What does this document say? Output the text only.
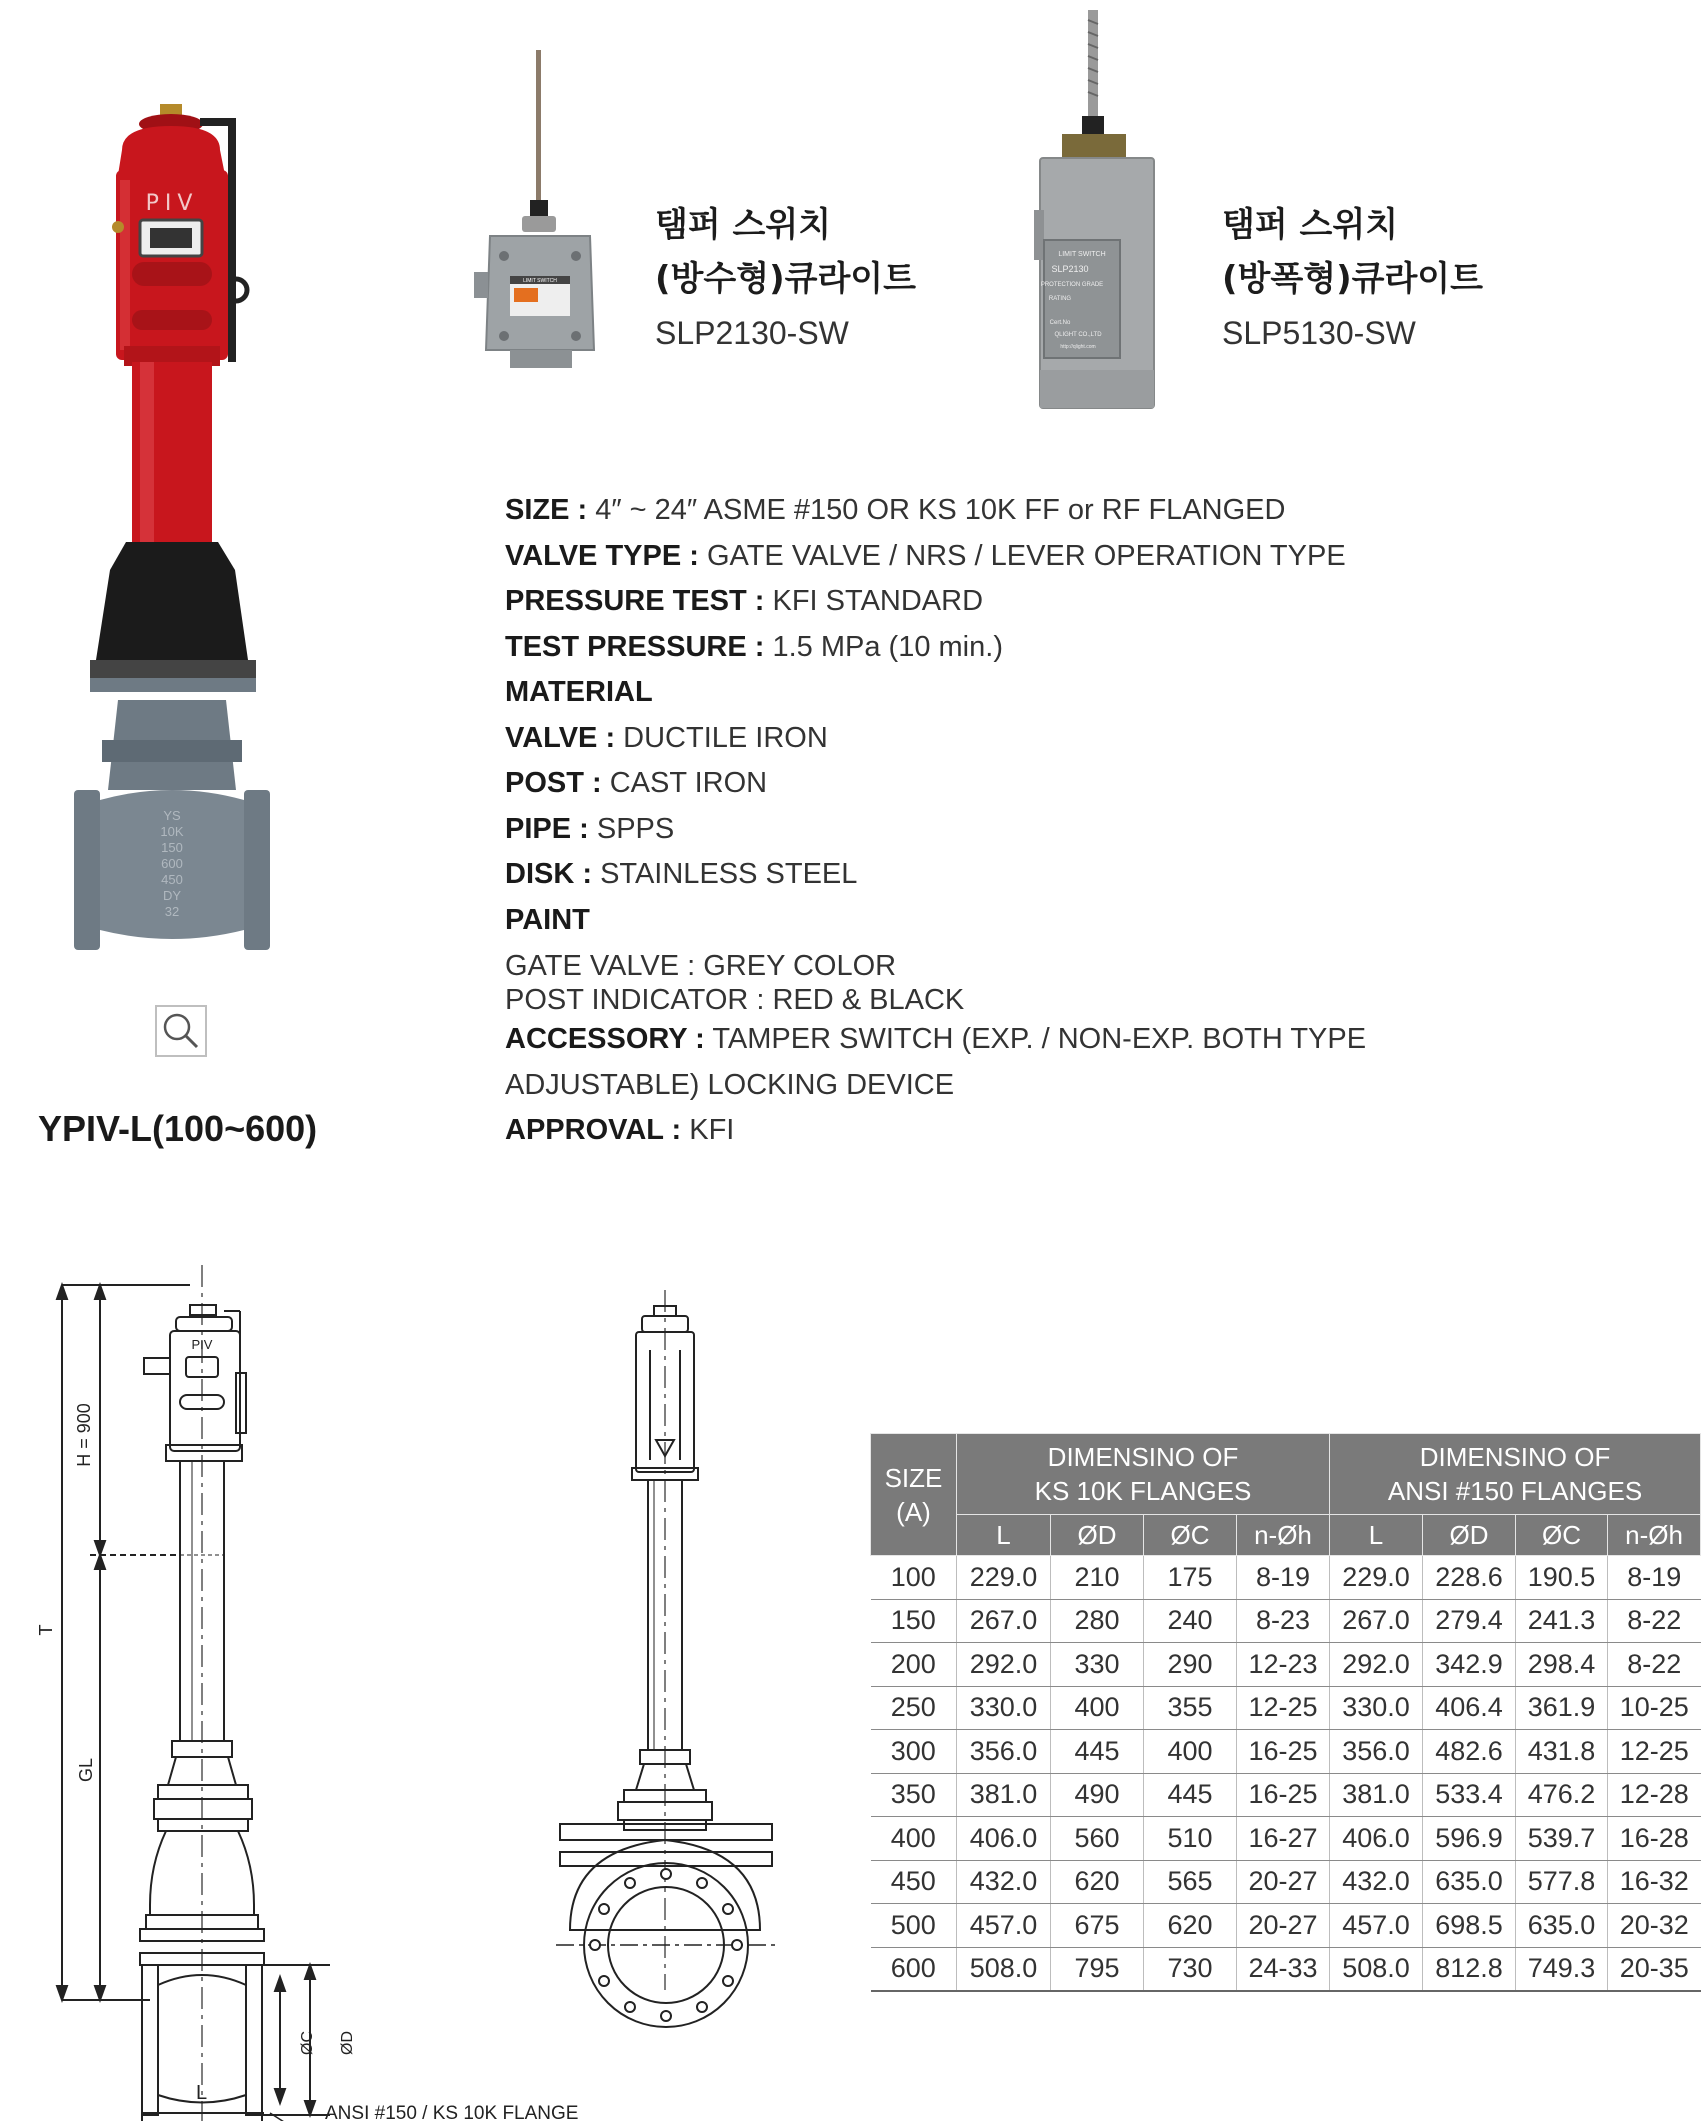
PIV
YS
10K
150
600
450
DY
32
YPIV-L(100~600)
LIMIT SWITCH
탬퍼 스위치
(방수형)큐라이트
SLP2130-SW
LIMIT SWITCH
SLP2130
PROTECTION GRADE
RATING
Cert.No
QLIGHT CO.,LTD
http://qlight.com
탬퍼 스위치
(방폭형)큐라이트
SLP5130-SW
SIZE : 4″ ~ 24″ ASME #150 OR KS 10K FF or RF FLANGED
VALVE TYPE : GATE VALVE / NRS / LEVER OPERATION TYPE
PRESSURE TEST : KFI STANDARD
TEST PRESSURE : 1.5 MPa (10 min.)
MATERIAL
VALVE : DUCTILE IRON
POST : CAST IRON
PIPE : SPPS
DISK : STAINLESS STEEL
PAINT
GATE VALVE : GREY COLOR
POST INDICATOR : RED & BLACK
ACCESSORY : TAMPER SWITCH (EXP. / NON-EXP. BOTH TYPE
ADJUSTABLE) LOCKING DEVICE
APPROVAL : KFI
H = 900
T
GL
PIV
ØC ØD
ANSI #150 / KS 10K FLANGE
L
SIZE
(A)	DIMENSINO OF
KS 10K FLANGES				DIMENSINO OF
ANSI #150 FLANGES			
	L	ØD	ØC	n-Øh	L	ØD	ØC	n-Øh
100	229.0	210	175	8-19	229.0	228.6	190.5	8-19
150	267.0	280	240	8-23	267.0	279.4	241.3	8-22
200	292.0	330	290	12-23	292.0	342.9	298.4	8-22
250	330.0	400	355	12-25	330.0	406.4	361.9	10-25
300	356.0	445	400	16-25	356.0	482.6	431.8	12-25
350	381.0	490	445	16-25	381.0	533.4	476.2	12-28
400	406.0	560	510	16-27	406.0	596.9	539.7	16-28
450	432.0	620	565	20-27	432.0	635.0	577.8	16-32
500	457.0	675	620	20-27	457.0	698.5	635.0	20-32
600	508.0	795	730	24-33	508.0	812.8	749.3	20-35
